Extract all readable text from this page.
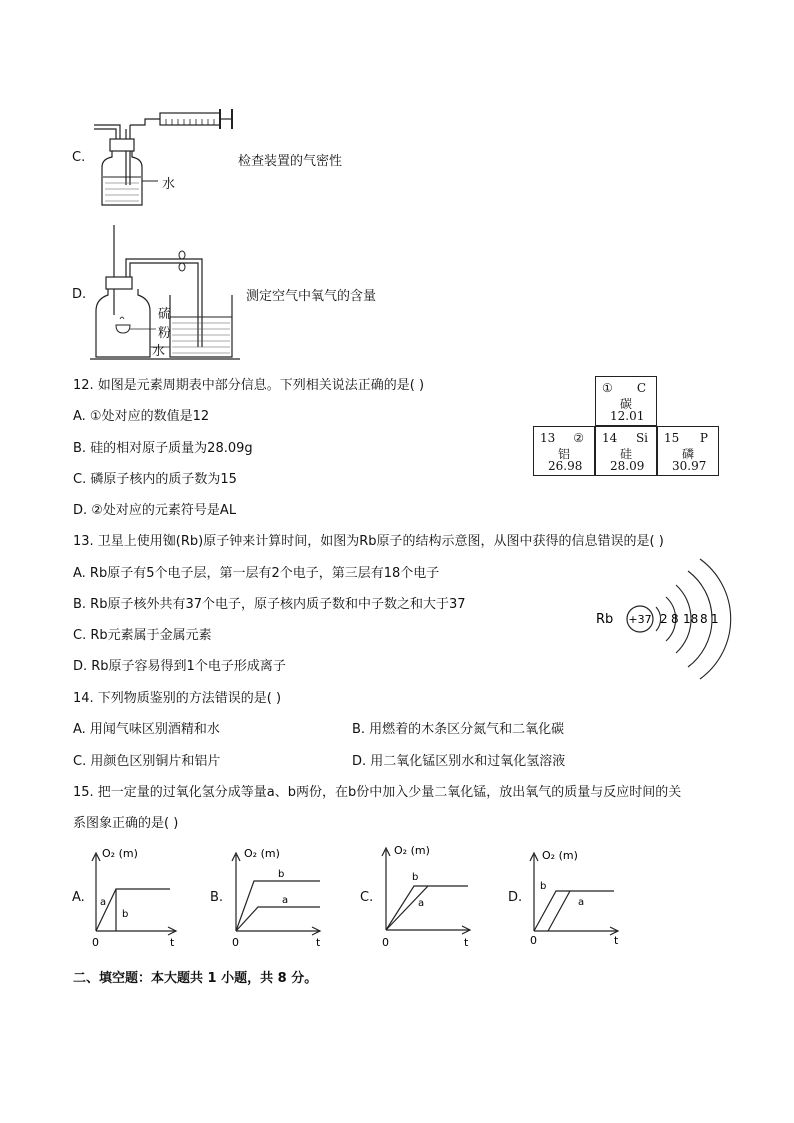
C.
水
检查装置的气密性
D.	测定空气中氧气的含量
硫
粉
水
12. 如图是元素周期表中部分信息。下列相关说法正确的是( )
A. ①处对应的数值是12
B. 硅的相对原子质量为28.09g
C. 磷原子核内的质子数为15
D. ②处对应的元素符号是AL
① C
碳
12.01
13 ②
铝
26.98
14 Si
硅
28.09
15 P
磷
30.97
13. 卫星上使用铷(Rb)原子钟来计算时间，如图为Rb原子的结构示意图，从图中获得的信息错误的是( )
A. Rb原子有5个电子层，第一层有2个电子，第三层有18个电子
B. Rb原子核外共有37个电子，原子核内质子数和中子数之和大于37
C. Rb元素属于金属元素
D. Rb原子容易得到1个电子形成离子
Rb +37 2 8 18 8 1
14. 下列物质鉴别的方法错误的是( )
A. 用闻气味区别酒精和水	B. 用燃着的木条区分氮气和二氧化碳
C. 用颜色区别铜片和铝片	D. 用二氧化锰区别水和过氧化氢溶液
15. 把一定量的过氧化氢分成等量a、b两份，在b份中加入少量二氧化锰，放出氧气的质量与反应时间的关
系图象正确的是( )
A.
O₂ (m)
0	t
a
b
B.
O₂ (m)
0	t
b
a	C.
O₂ (m)
0	t
b
a	D.
O₂ (m)
0	t
b
a
二、填空题：本大题共 1 小题，共 8 分。
